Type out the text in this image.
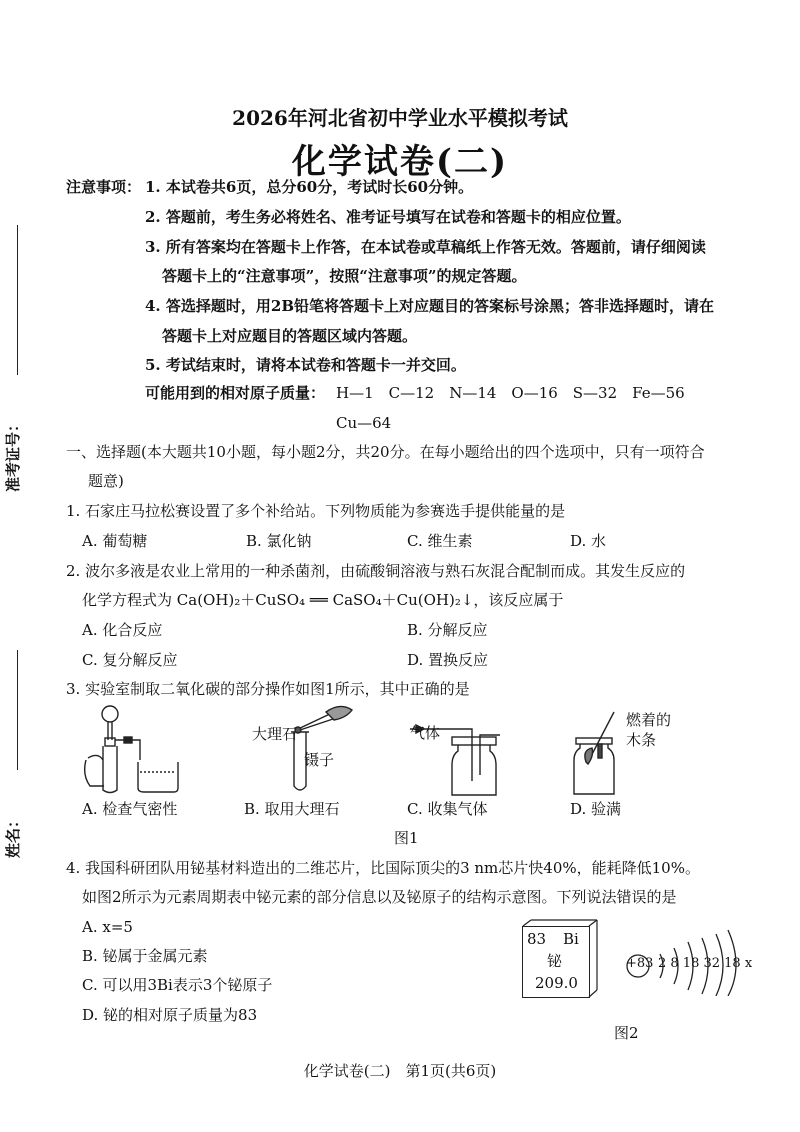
2026年河北省初中学业水平模拟考试
化学试卷(二)
准考证号：
姓名：
注意事项： 1. 本试卷共6页，总分60分，考试时长60分钟。
2. 答题前，考生务必将姓名、准考证号填写在试卷和答题卡的相应位置。
3. 所有答案均在答题卡上作答，在本试卷或草稿纸上作答无效。答题前，请仔细阅读
答题卡上的“注意事项”，按照“注意事项”的规定答题。
4. 答选择题时，用2B铅笔将答题卡上对应题目的答案标号涂黑；答非选择题时，请在
答题卡上对应题目的答题区域内答题。
5. 考试结束时，请将本试卷和答题卡一并交回。
可能用到的相对原子质量： H—1　C—12　N—14　O—16　S—32　Fe—56
Cu—64
一、选择题(本大题共10小题，每小题2分，共20分。在每小题给出的四个选项中，只有一项符合
题意)
1. 石家庄马拉松赛设置了多个补给站。下列物质能为参赛选手提供能量的是
A. 葡萄糖	B. 氯化钠	C. 维生素	D. 水
2. 波尔多液是农业上常用的一种杀菌剂，由硫酸铜溶液与熟石灰混合配制而成。其发生反应的
化学方程式为 Ca(OH)₂＋CuSO₄ ══ CaSO₄＋Cu(OH)₂↓，该反应属于
A. 化合反应	B. 分解反应
C. 复分解反应	D. 置换反应
3. 实验室制取二氧化碳的部分操作如图1所示，其中正确的是
大理石
镊子
气体
燃着的
木条
A. 检查气密性	B. 取用大理石	C. 收集气体	D. 验满
图1
4. 我国科研团队用铋基材料造出的二维芯片，比国际顶尖的3 nm芯片快40%，能耗降低10%。
如图2所示为元素周期表中铋元素的部分信息以及铋原子的结构示意图。下列说法错误的是
A. x=5
B. 铋属于金属元素
C. 可以用3Bi表示3个铋原子
D. 铋的相对原子质量为83
83 Bi
铋
209.0
+83 2 8 18 32 18 x
图2
化学试卷(二)　第1页(共6页)
